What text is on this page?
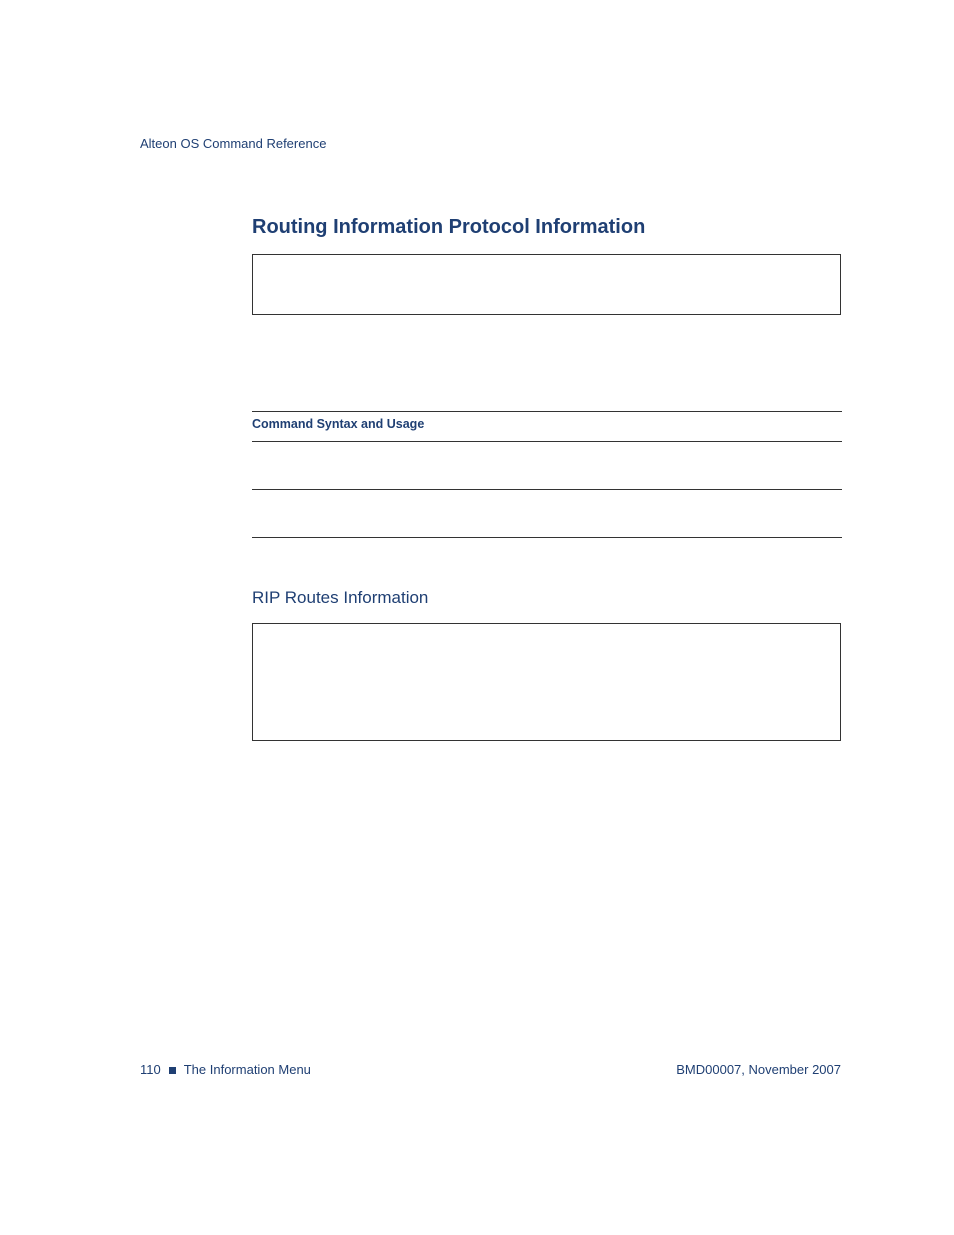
Alteon OS Command Reference
Routing Information Protocol Information
Command Syntax and Usage
RIP Routes Information
110 The Information Menu	BMD00007, November 2007
